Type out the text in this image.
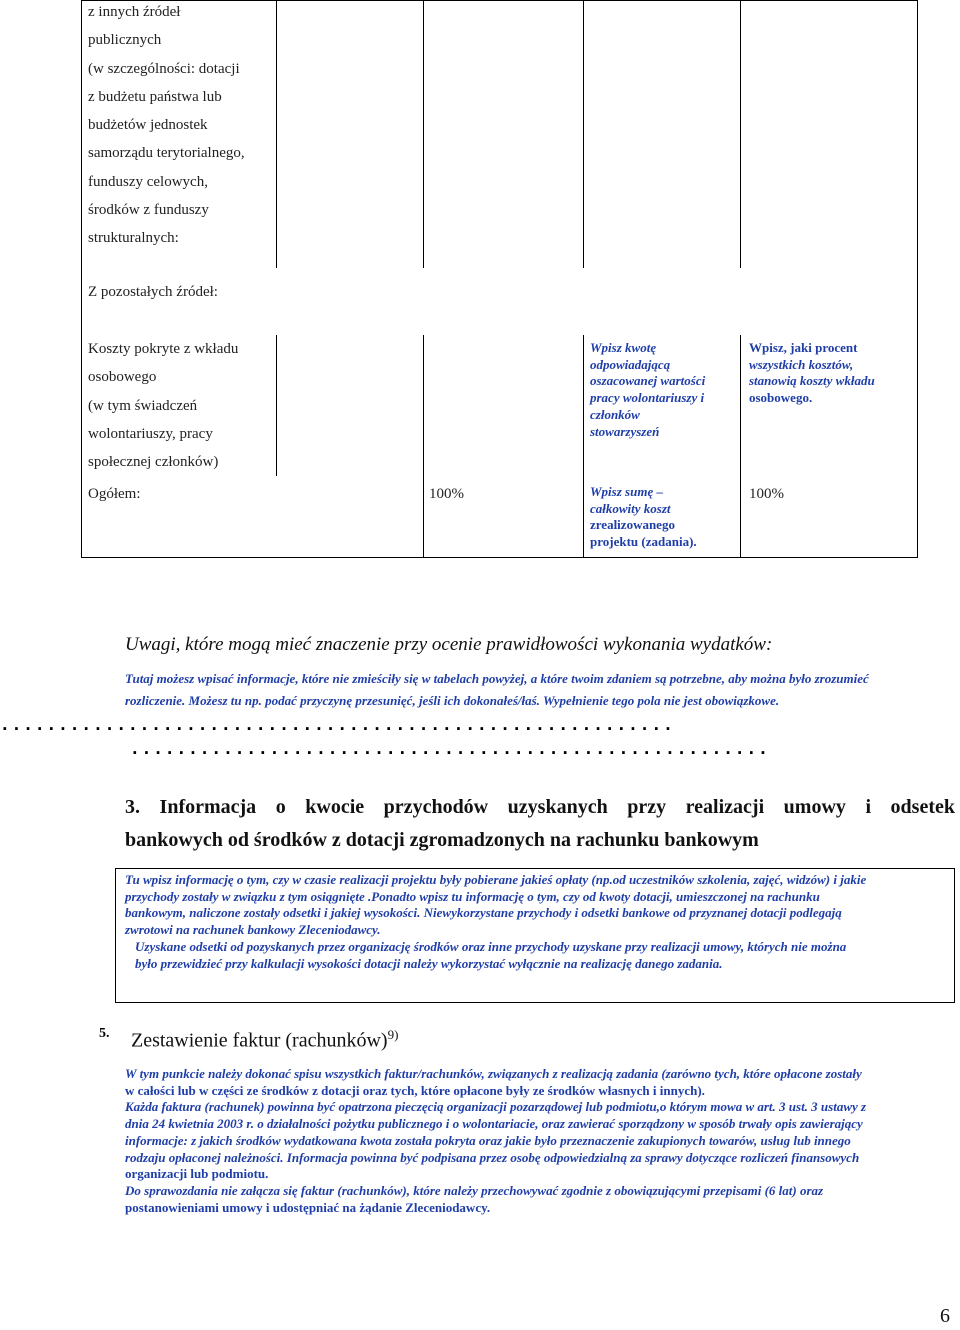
z innych źródeł
publicznych
(w szczególności: dotacji
z budżetu państwa lub
budżetów jednostek
samorządu terytorialnego,
funduszy celowych,
środków z funduszy
strukturalnych:
Z pozostałych źródeł:
Koszty pokryte z wkładu
osobowego
(w tym świadczeń
wolontariuszy, pracy
społecznej członków)
Wpisz kwotę
odpowiadającą
oszacowanej wartości
pracy wolontariuszy i
członków
stowarzyszeń
Wpisz, jaki procent
wszystkich kosztów,
stanowią koszty wkładu
osobowego.
Ogółem:	100%	Wpisz sumę –
całkowity koszt
zrealizowanego
projektu (zadania).
100%
Uwagi, które mogą mieć znaczenie przy ocenie prawidłowości wykonania wydatków:
Tutaj możesz wpisać informacje, które nie zmieściły się w tabelach powyżej, a które twoim zdaniem są potrzebne, aby można było zrozumieć
rozliczenie. Możesz tu np. podać przyczynę przesunięć, jeśli ich dokonałeś/łaś. Wypełnienie tego pola nie jest obowiązkowe.
..........................................................
.......................................................
3. Informacja o kwocie przychodów uzyskanych przy realizacji umowy i odsetek
bankowych od środków z dotacji zgromadzonych na rachunku bankowym
Tu wpisz informację o tym, czy w czasie realizacji projektu były pobierane jakieś opłaty (np.od uczestników szkolenia, zajęć, widzów) i jakie
przychody zostały w związku z tym osiągnięte .Ponadto wpisz tu informację o tym, czy od kwoty dotacji, umieszczonej na rachunku
bankowym, naliczone zostały odsetki i jakiej wysokości. Niewykorzystane przychody i odsetki bankowe od przyznanej dotacji podlegają
zwrotowi na rachunek bankowy Zleceniodawcy.
Uzyskane odsetki od pozyskanych przez organizację środków oraz inne przychody uzyskane przy realizacji umowy, których nie można
było przewidzieć przy kalkulacji wysokości dotacji należy wykorzystać wyłącznie na realizację danego zadania.
5. Zestawienie faktur (rachunków)$^{9)}$
W tym punkcie należy dokonać spisu wszystkich faktur/rachunków, związanych z realizacją zadania (zarówno tych, które opłacone zostały
w całości lub w części ze środków z dotacji oraz tych, które opłacone były ze środków własnych i innych).
Każda faktura (rachunek) powinna być opatrzona pieczęcią organizacji pozarządowej lub podmiotu,o którym mowa w art. 3 ust. 3 ustawy z
dnia 24 kwietnia 2003 r. o działalności pożytku publicznego i o wolontariacie, oraz zawierać sporządzony w sposób trwały opis zawierający
informacje: z jakich środków wydatkowana kwota została pokryta oraz jakie było przeznaczenie zakupionych towarów, usług lub innego
rodzaju opłaconej należności. Informacja powinna być podpisana przez osobę odpowiedzialną za sprawy dotyczące rozliczeń finansowych
organizacji lub podmiotu.
Do sprawozdania nie załącza się faktur (rachunków), które należy przechowywać zgodnie z obowiązującymi przepisami (6 lat) oraz
postanowieniami umowy i udostępniać na żądanie Zleceniodawcy.
6
